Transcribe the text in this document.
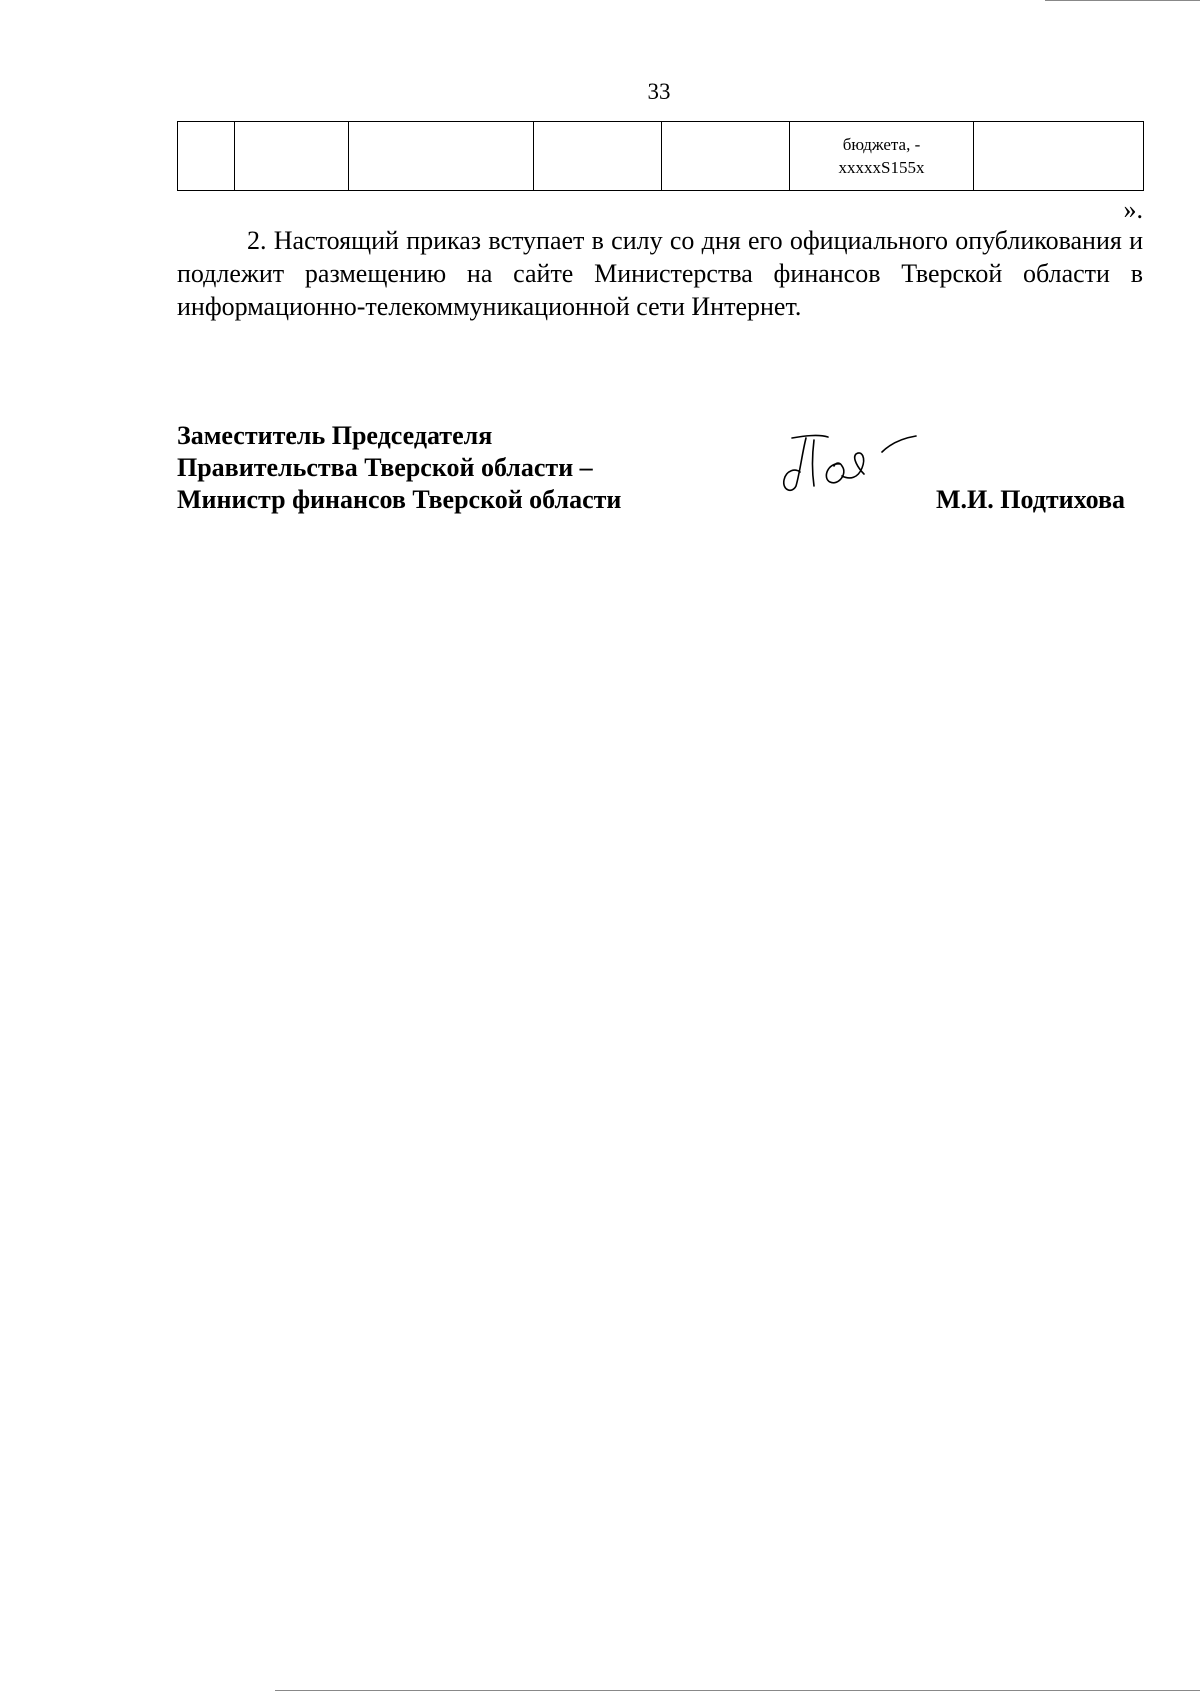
33

бюджета, -
xxxxxS155x

».

2. Настоящий приказ вступает в силу со дня его официального опубликования и подлежит размещению на сайте Министерства финансов Тверской области в информационно-телекоммуникационной сети Интернет.

Заместитель Председателя
Правительства Тверской области –
Министр финансов Тверской области	М.И. Подтихова
